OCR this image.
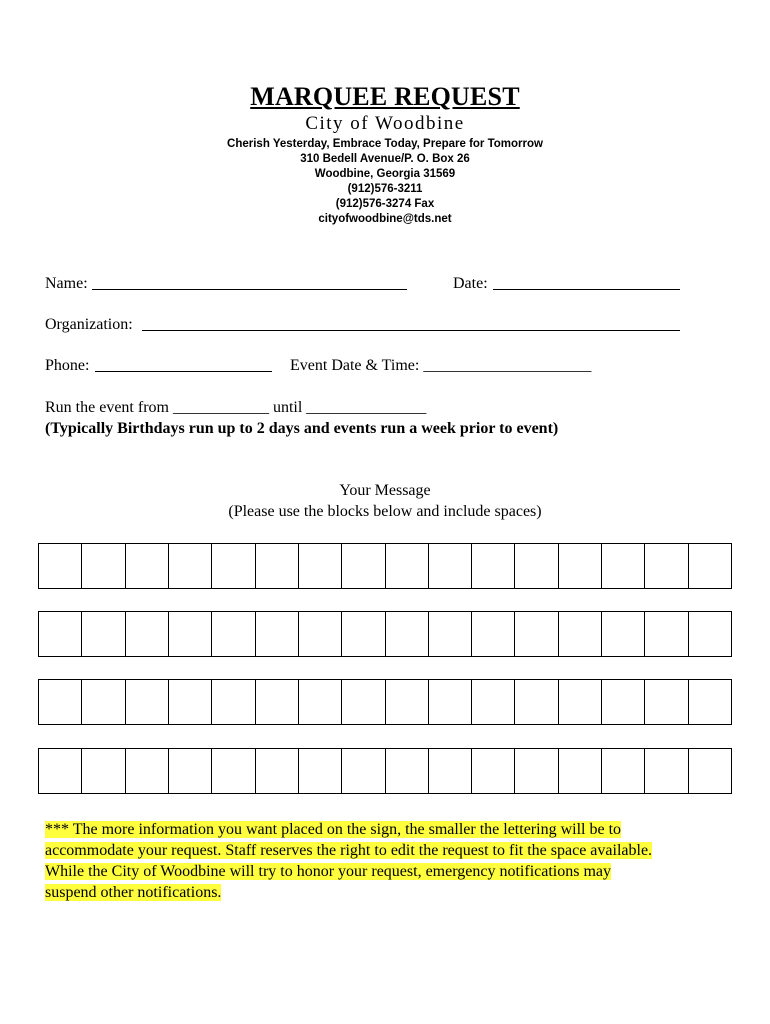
MARQUEE REQUEST
City of Woodbine
Cherish Yesterday, Embrace Today, Prepare for Tomorrow
310 Bedell Avenue/P. O. Box 26
Woodbine, Georgia 31569
(912)576-3211
(912)576-3274 Fax
cityofwoodbine@tds.net
Name:	Date:
Organization:
Phone:	Event Date & Time: _____________________
Run the event from ____________ until _______________
(Typically Birthdays run up to 2 days and events run a week prior to event)
Your Message
(Please use the blocks below and include spaces)
*** The more information you want placed on the sign, the smaller the lettering will be to
accommodate your request. Staff reserves the right to edit the request to fit the space available.
While the City of Woodbine will try to honor your request, emergency notifications may
suspend other notifications.
